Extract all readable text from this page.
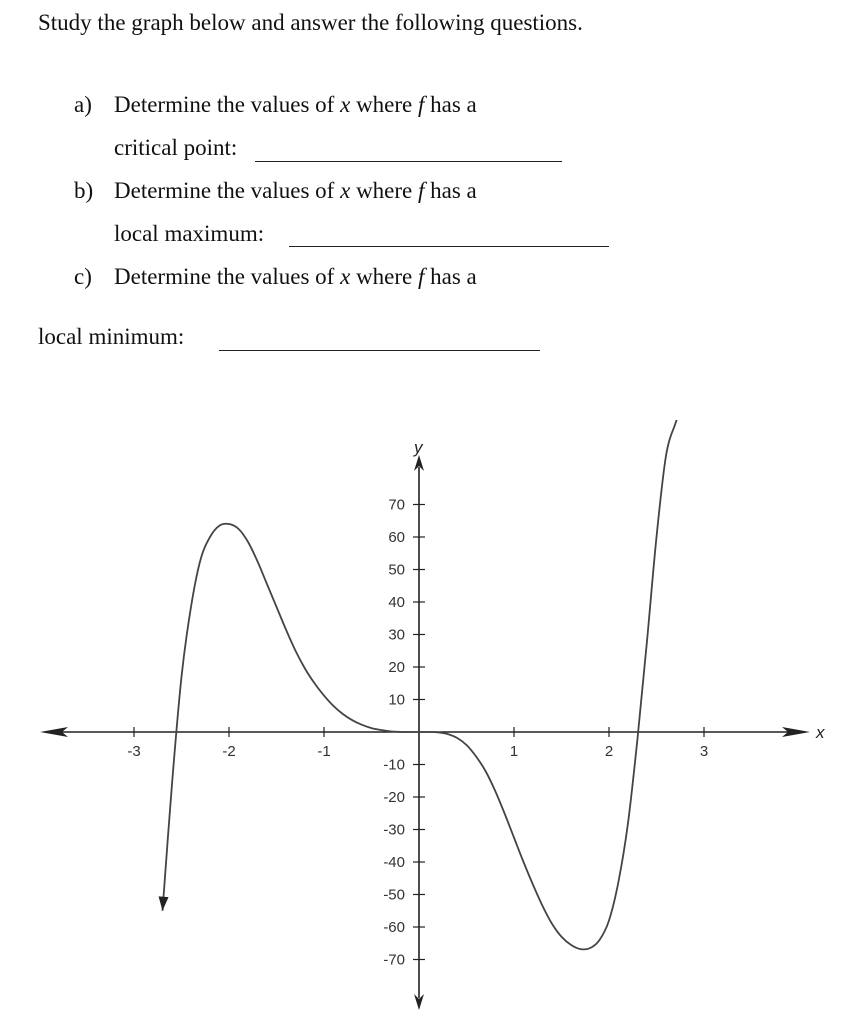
Study the graph below and answer the following questions.
a) Determine the values of x where f has a
critical point:
b) Determine the values of x where f has a
local maximum:
c) Determine the values of x where f has a
local minimum:
x
y
-3	-2	-1	1	2	3
70
60
50
40
30
20
10
-10
-20
-30
-40
-50
-60
-70
